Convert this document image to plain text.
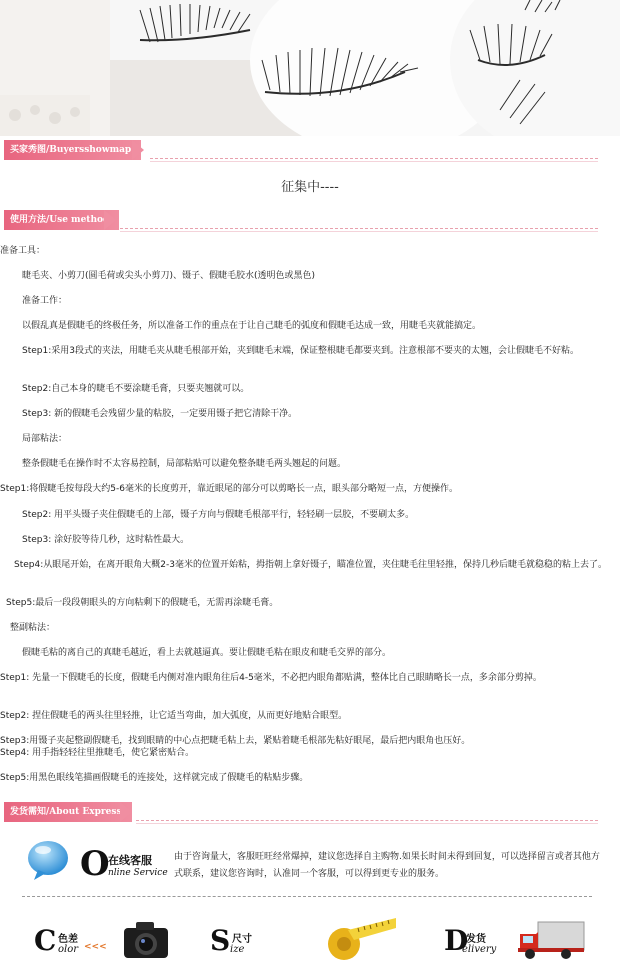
买家秀图/Buyersshowmap
征集中----
使用方法/Use method
准备工具：
睫毛夹、小剪刀(圆毛荷或尖头小剪刀)、镊子、假睫毛胶水(透明色或黑色)
准备工作：
以假乱真是假睫毛的终极任务，所以准备工作的重点在于让自己睫毛的弧度和假睫毛达成一致，用睫毛夹就能搞定。
Step1:采用3段式的夹法，用睫毛夹从睫毛根部开始，夹到睫毛末端，保证整根睫毛都要夹到。注意根部不要夹的太翘，会让假睫毛不好粘。
Step2:自己本身的睫毛不要涂睫毛膏，只要夹翘就可以。
Step3: 新的假睫毛会残留少量的粘胶，一定要用镊子把它清除干净。
局部粘法：
整条假睫毛在操作时不太容易控制，局部粘贴可以避免整条睫毛两头翘起的问题。
Step1:将假睫毛按每段大约5-6毫米的长度剪开，靠近眼尾的部分可以剪略长一点，眼头部分略短一点，方便操作。
Step2: 用平头镊子夹住假睫毛的上部，镊子方向与假睫毛根部平行，轻轻刷一层胶，不要刷太多。
Step3: 涂好胶等待几秒，这时粘性最大。
Step4:从眼尾开始，在离开眼角大概2-3毫米的位置开始粘，拇指朝上拿好镊子，瞄准位置，夹住睫毛往里轻推，保持几秒后睫毛就稳稳的粘上去了。
Step5:最后一段段朝眼头的方向粘剩下的假睫毛，无需再涂睫毛膏。
整副粘法：
假睫毛粘的离自己的真睫毛越近，看上去就越逼真。要让假睫毛粘在眼皮和睫毛交界的部分。
Step1: 先量一下假睫毛的长度，假睫毛内侧对准内眼角往后4-5毫米，不必把内眼角都贴满，整体比自己眼睛略长一点，多余部分剪掉。
Step2: 捏住假睫毛的两头往里轻推，让它适当弯曲，加大弧度，从而更好地贴合眼型。
Step3:用镊子夹起整副假睫毛，找到眼睛的中心点把睫毛粘上去，紧贴着睫毛根部先粘好眼尾，最后把内眼角也压好。
Step4: 用手指轻轻往里推睫毛，使它紧密贴合。
Step5:用黑色眼线笔描画假睫毛的连接处，这样就完成了假睫毛的粘贴步骤。
发货需知/About Express
O
在线客服
nline Service
由于咨询量大，客服旺旺经常爆掉，建议您选择自主购物.如果长时间未得到回复，可以选择留言或者其他方式联系，建议您咨询时，认准同一个客服，可以得到更专业的服务。
C 色差
olor <<<	S 尺寸
ize	D
发货
elivery
